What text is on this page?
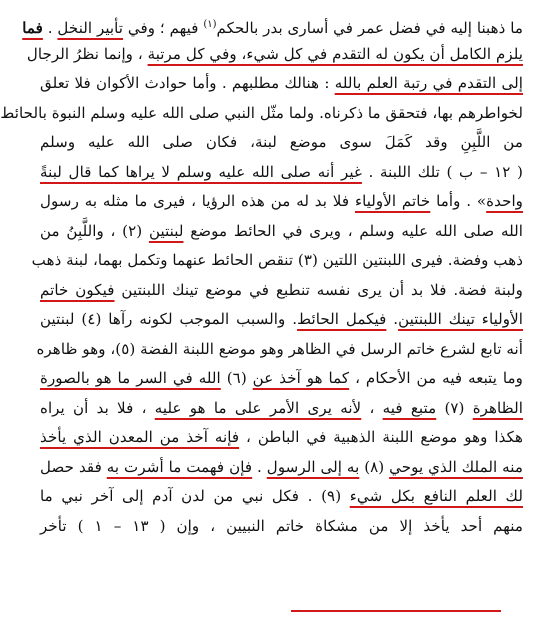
ما ذهبنا إليه في فضل عمر في أسارى بدر بالحكم$^{(١)}$ فيهم ؛ وفي تأبير النخل . فما
يلزم الكامل أن يكون له التقدم في كل شيء، وفي كل مرتبة ، وإنما نظرُ الرجال
إلى التقدم في رتبة العلم بالله : هنالك مطلبهم . وأما حوادث الأكوان فلا تعلق
لخواطرهم بها، فتحقق ما ذكرناه. ولما مثّل النبي صلى الله عليه وسلم النبوة بالحائط
من اللَّبِنِ وقد كَمَلَ سوى موضع لبنة، فكان صلى الله عليه وسلم
( ١٢ – ب ) تلك اللبنة . غير أنه صلى الله عليه وسلم لا يراها كما قال لبنةً
واحدة» . وأما خاتم الأولياء فلا بد له من هذه الرؤيا ، فيرى ما مثله به رسول
الله صلى الله عليه وسلم ، ويرى في الحائط موضع لبنتين (٢) ، واللَّبِنُ من
ذهب وفضة. فيرى اللبنتين اللتين (٣) تنقص الحائط عنهما وتكمل بهما، لبنة ذهب
ولبنة فضة. فلا بد أن يرى نفسه تنطبع في موضع تينك اللبنتين فيكون خاتم
الأولياء تينك اللبنتين. فيكمل الحائط. والسبب الموجب لكونه رآها (٤) لبنتين
أنه تابع لشرع خاتم الرسل في الظاهر وهو موضع اللبنة الفضة (٥)، وهو ظاهره
وما يتبعه فيه من الأحكام ، كما هو آخذ عن (٦) الله في السر ما هو بالصورة
الظاهرة (٧) متبع فيه ، لأنه يرى الأمر على ما هو عليه ، فلا بد أن يراه
هكذا وهو موضع اللبنة الذهبية في الباطن ، فإنه آخذ من المعدن الذي يأخذ
منه الملك الذي يوحي (٨) به إلى الرسول . فإن فهمت ما أشرت به فقد حصل
لك العلم النافع بكل شيء (٩) . فكل نبي من لدن آدم إلى آخر نبي ما
منهم أحد يأخذ إلا من مشكاة خاتم النبيين ، وإن ( ١٣ – ١ ) تأخر
